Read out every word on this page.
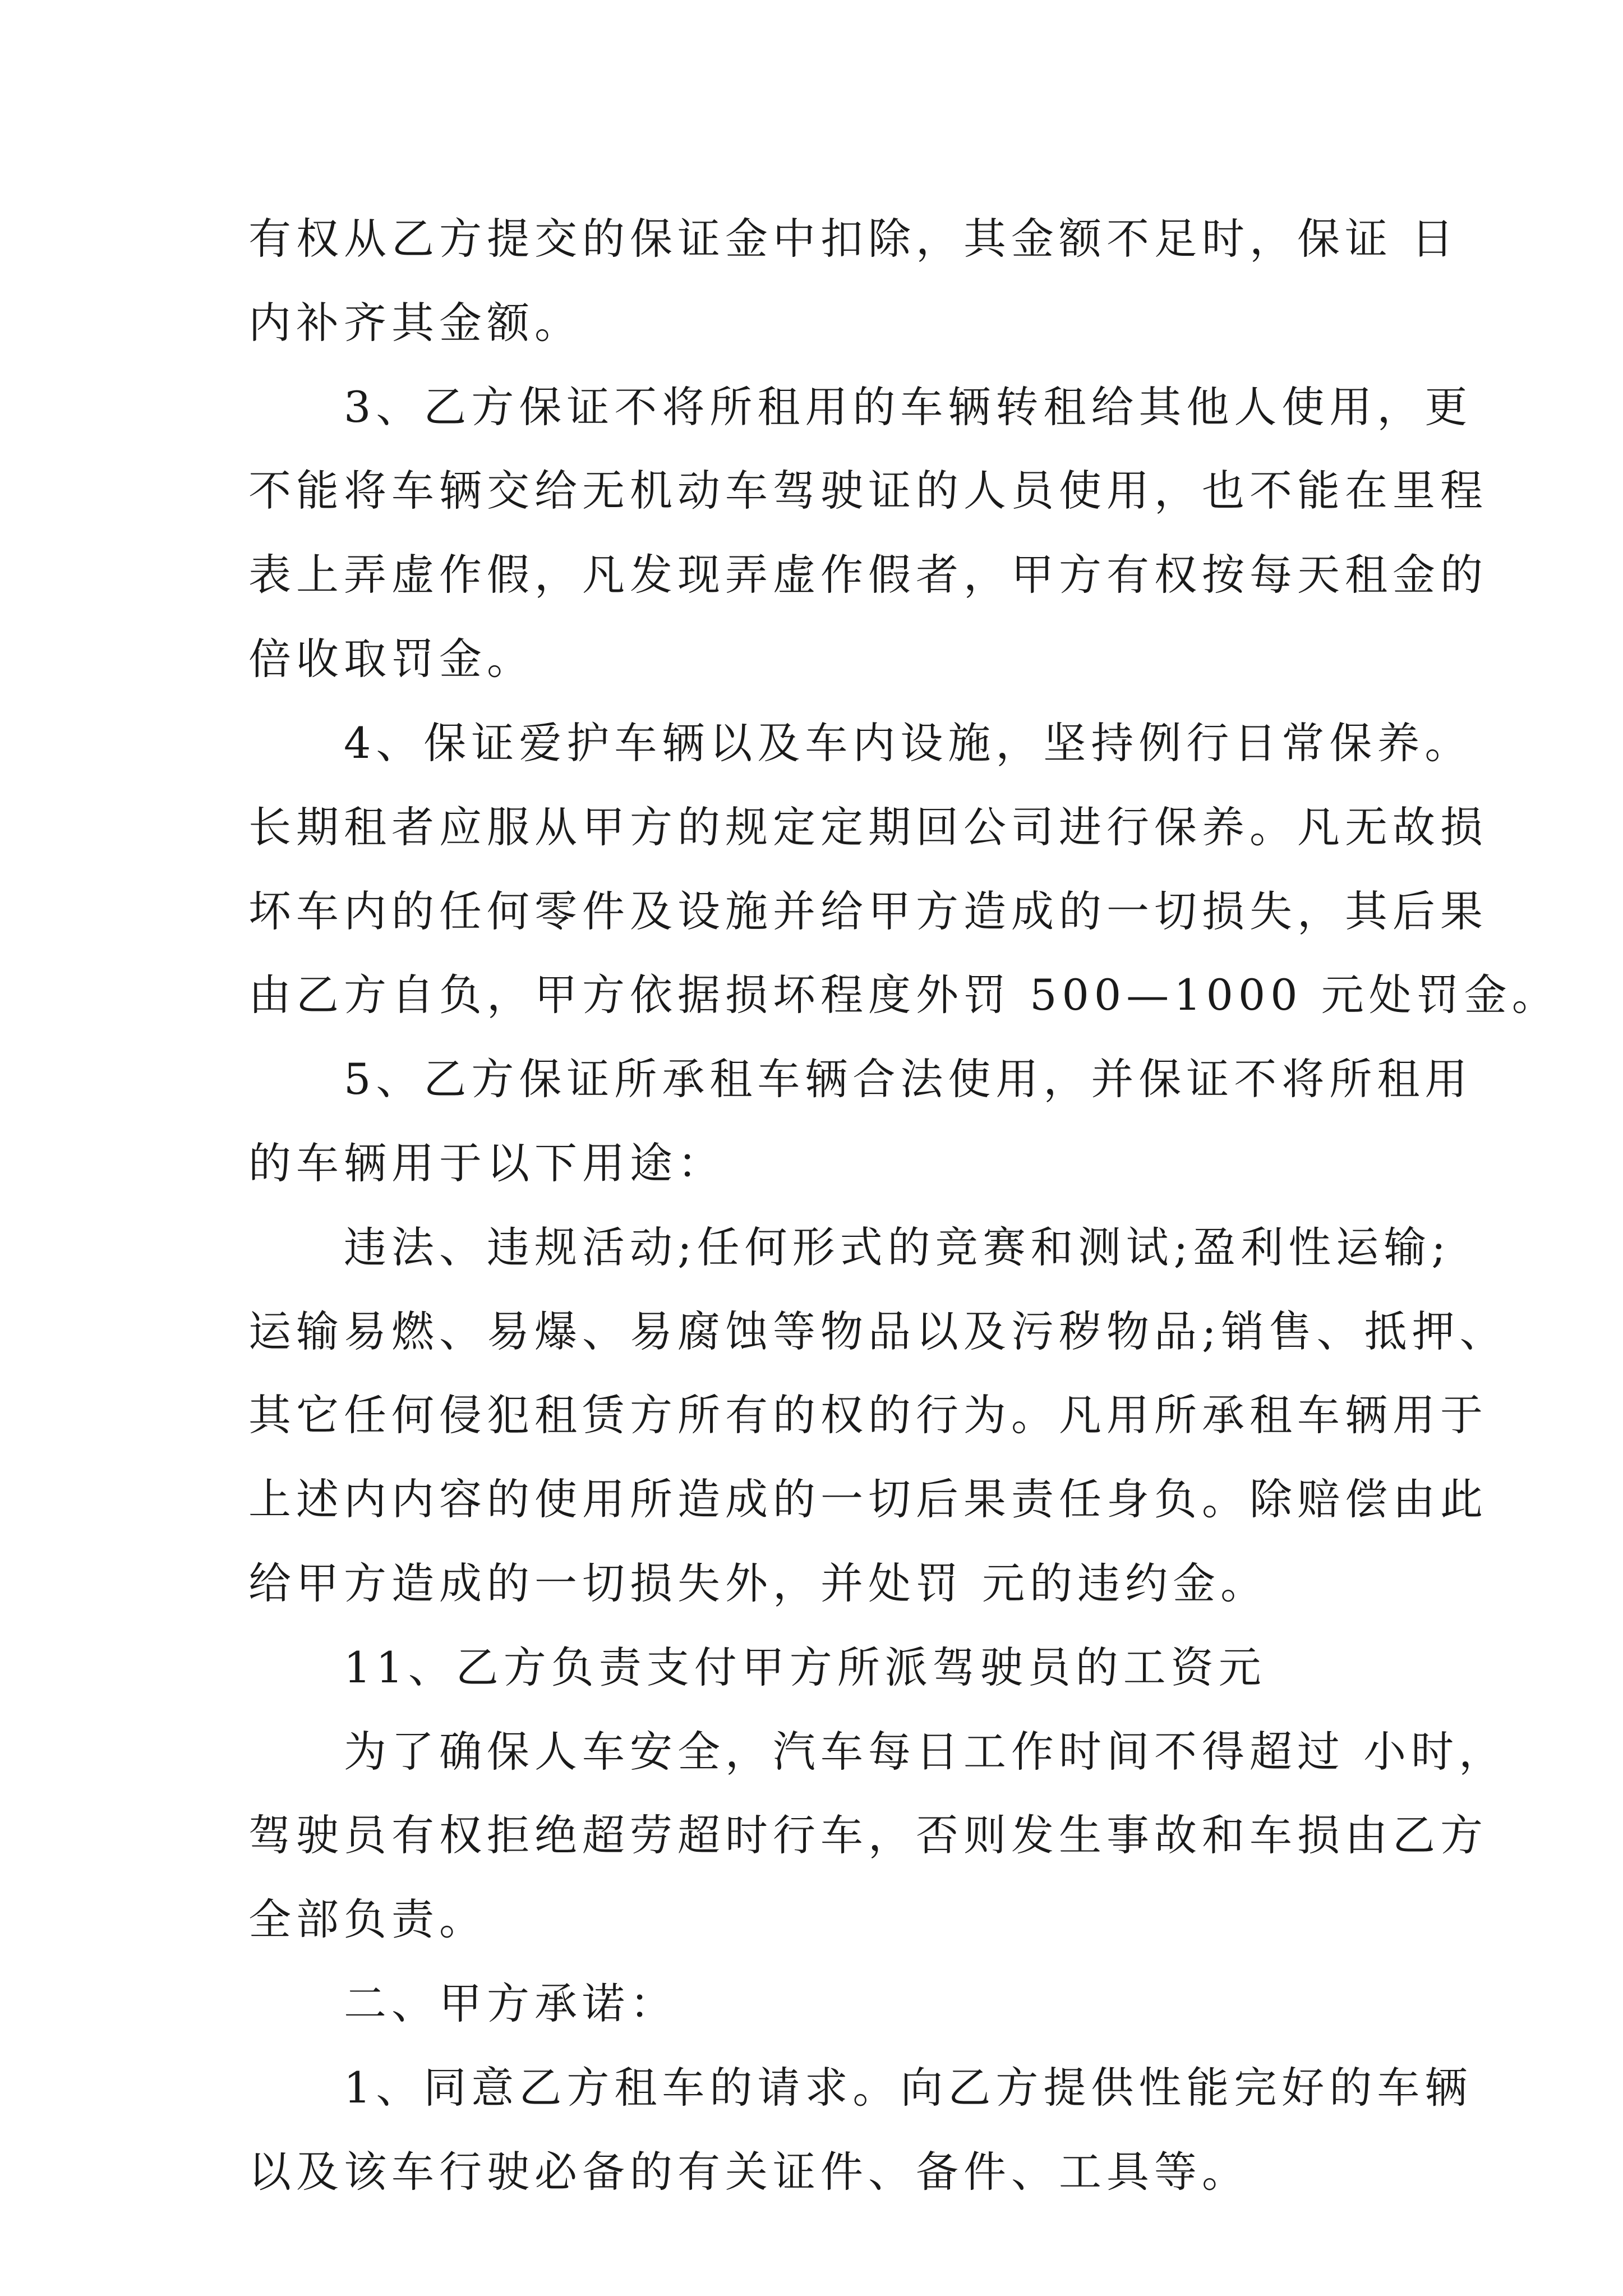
有权从乙方提交的保证金中扣除，其金额不足时，保证 日
内补齐其金额。
　　3、乙方保证不将所租用的车辆转租给其他人使用，更
不能将车辆交给无机动车驾驶证的人员使用，也不能在里程
表上弄虚作假，凡发现弄虚作假者，甲方有权按每天租金的
倍收取罚金。
　　4、保证爱护车辆以及车内设施，坚持例行日常保养。
长期租者应服从甲方的规定定期回公司进行保养。凡无故损
坏车内的任何零件及设施并给甲方造成的一切损失，其后果
由乙方自负，甲方依据损坏程度外罚 500—1000 元处罚金。
　　5、乙方保证所承租车辆合法使用，并保证不将所租用
的车辆用于以下用途：
　　违法、违规活动;任何形式的竞赛和测试;盈利性运输;
运输易燃、易爆、易腐蚀等物品以及污秽物品;销售、抵押、
其它任何侵犯租赁方所有的权的行为。凡用所承租车辆用于
上述内内容的使用所造成的一切后果责任身负。除赔偿由此
给甲方造成的一切损失外，并处罚 元的违约金。
　　11、乙方负责支付甲方所派驾驶员的工资元
　　为了确保人车安全，汽车每日工作时间不得超过 小时，
驾驶员有权拒绝超劳超时行车，否则发生事故和车损由乙方
全部负责。
　　二、甲方承诺：
　　1、同意乙方租车的请求。向乙方提供性能完好的车辆
以及该车行驶必备的有关证件、备件、工具等。
